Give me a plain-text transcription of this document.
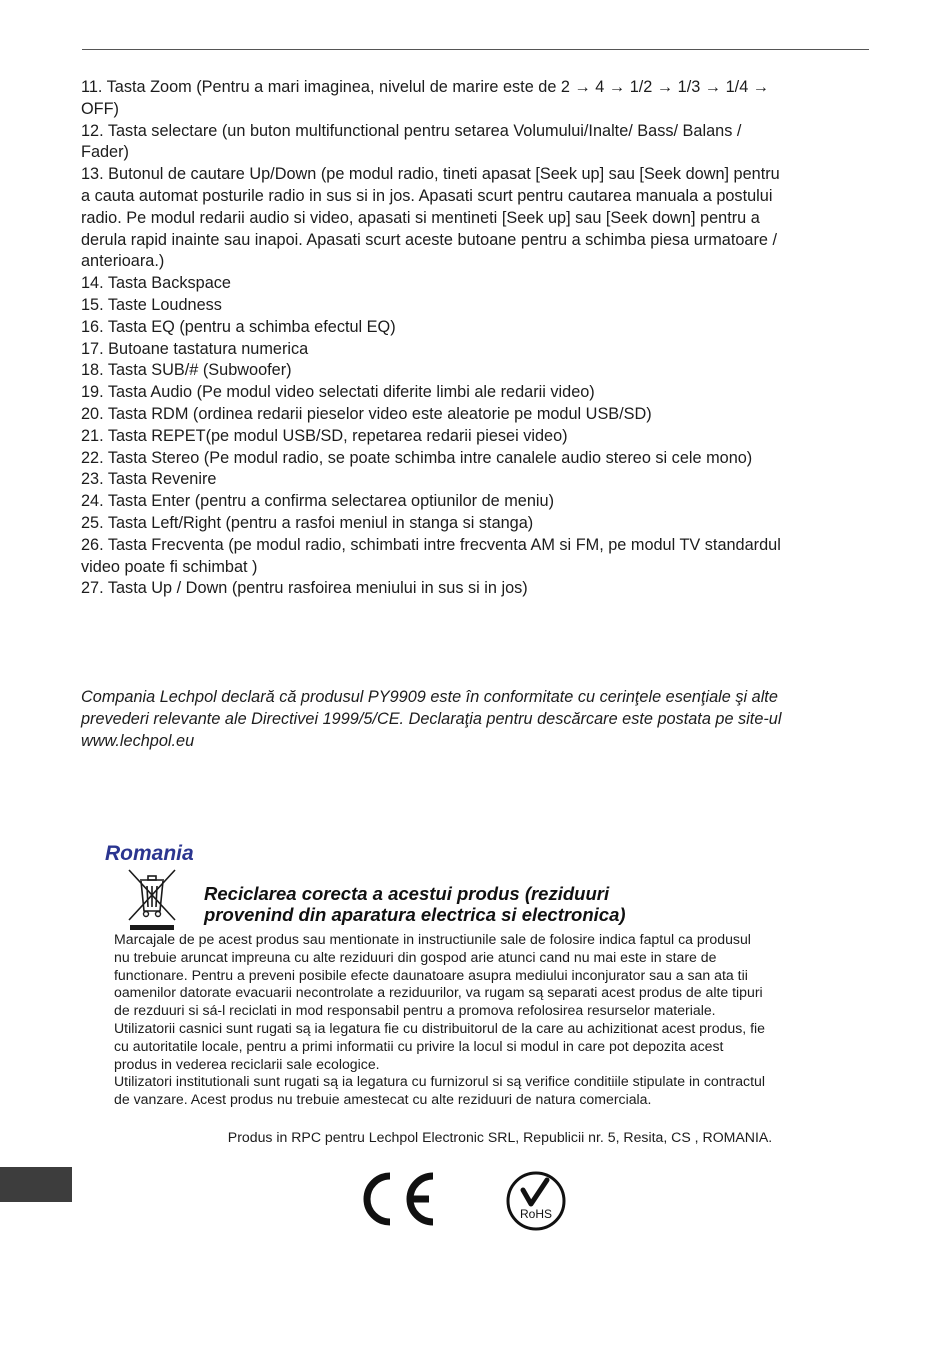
11. Tasta Zoom (Pentru a mari imaginea, nivelul de marire este de 2 → 4 → 1/2 → 1/3 → 1/4 →
OFF)
12. Tasta selectare (un buton multifunctional pentru setarea Volumului/Inalte/ Bass/ Balans /
Fader)
13. Butonul de cautare Up/Down (pe modul radio, tineti apasat [Seek up] sau [Seek down] pentru
a cauta automat posturile radio in sus si in jos. Apasati scurt pentru cautarea manuala a postului
radio. Pe modul redarii audio si video, apasati si mentineti [Seek up] sau [Seek down] pentru a
derula rapid inainte sau inapoi. Apasati scurt aceste butoane pentru a schimba piesa urmatoare /
anterioara.)
14. Tasta Backspace
15. Taste Loudness
16. Tasta EQ (pentru a schimba efectul EQ)
17. Butoane tastatura numerica
18. Tasta SUB/# (Subwoofer)
19. Tasta Audio (Pe modul video selectati diferite limbi ale redarii video)
20. Tasta RDM (ordinea redarii pieselor video este aleatorie pe modul USB/SD)
21. Tasta REPET(pe modul USB/SD, repetarea redarii piesei video)
22. Tasta Stereo (Pe modul radio, se poate schimba intre canalele audio stereo si cele mono)
23. Tasta Revenire
24. Tasta Enter (pentru a confirma selectarea optiunilor de meniu)
25. Tasta Left/Right (pentru a rasfoi meniul in stanga si stanga)
26. Tasta Frecventa (pe modul radio, schimbati intre frecventa AM si FM, pe modul TV standardul
video poate fi schimbat )
27. Tasta Up / Down (pentru rasfoirea meniului in sus si in jos)

Compania Lechpol declară că produsul PY9909 este în conformitate cu cerinţele esenţiale şi alte
prevederi relevante ale Directivei 1999/5/CE. Declaraţia pentru descărcare este postata pe site-ul
www.lechpol.eu

Romania

Reciclarea corecta a acestui produs (reziduuri
provenind din aparatura electrica si electronica)

Marcajale de pe acest produs sau mentionate in instructiunile sale de folosire indica faptul ca produsul
nu trebuie aruncat impreuna cu alte reziduuri din gospod arie atunci cand nu mai este in stare de
functionare. Pentru a preveni posibile efecte daunatoare asupra mediului inconjurator sau a san ata tii
oamenilor datorate evacuarii necontrolate a reziduurilor, va rugam są separati acest produs de alte tipuri
de rezduuri si sá-l reciclati in mod responsabil pentru a promova refolosirea resurselor materiale.
Utilizatorii casnici sunt rugati są ia legatura fie cu distribuitorul de la care au achizitionat acest produs, fie
cu autoritatile locale, pentru a primi informatii cu privire la locul si modul in care pot depozita acest
produs in vederea reciclarii sale ecologice.
Utilizatori institutionali sunt rugati są ia legatura cu furnizorul si są verifice conditiile stipulate in contractul
de vanzare. Acest produs nu trebuie amestecat cu alte reziduuri de natura comerciala.

Produs in RPC pentru Lechpol Electronic SRL, Republicii nr. 5, Resita, CS , ROMANIA.

RoHS
